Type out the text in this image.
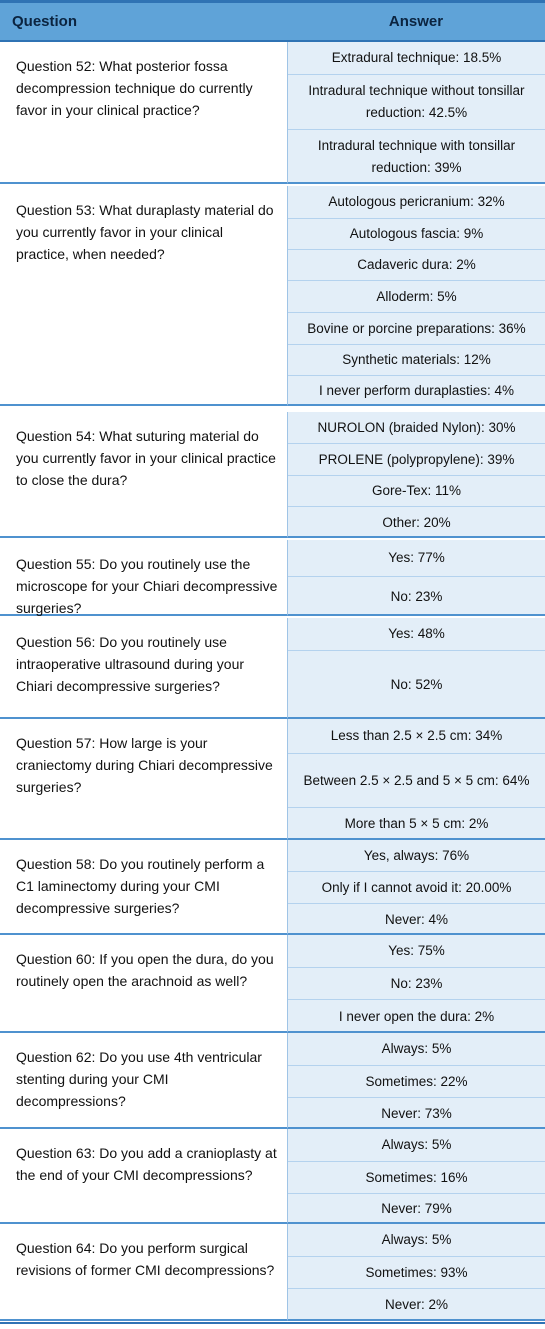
Question	Answer
Question 52: What posterior fossa decompression technique do currently favor in your clinical practice?
Extradural technique: 18.5%
Intradural technique without tonsillar reduction: 42.5%
Intradural technique with tonsillar reduction: 39%
Question 53: What duraplasty material do you currently favor in your clinical practice, when needed?
Autologous pericranium: 32%
Autologous fascia: 9%
Cadaveric dura: 2%
Alloderm: 5%
Bovine or porcine preparations: 36%
Synthetic materials: 12%
I never perform duraplasties: 4%
Question 54: What suturing material do you currently favor in your clinical practice to close the dura?
NUROLON (braided Nylon): 30%
PROLENE (polypropylene): 39%
Gore-Tex: 11%
Other: 20%
Question 55: Do you routinely use the microscope for your Chiari decompressive surgeries?
Yes: 77%
No: 23%
Question 56: Do you routinely use intraoperative ultrasound during your Chiari decompressive surgeries?
Yes: 48%
No: 52%
Question 57: How large is your craniectomy during Chiari decompressive surgeries?
Less than 2.5 × 2.5 cm: 34%
Between 2.5 × 2.5 and 5 × 5 cm: 64%
More than 5 × 5 cm: 2%
Question 58: Do you routinely perform a C1 laminectomy during your CMI decompressive surgeries?
Yes, always: 76%
Only if I cannot avoid it: 20.00%
Never: 4%
Question 60: If you open the dura, do you routinely open the arachnoid as well?
Yes: 75%
No: 23%
I never open the dura: 2%
Question 62: Do you use 4th ventricular stenting during your CMI decompressions?
Always: 5%
Sometimes: 22%
Never: 73%
Question 63: Do you add a cranioplasty at the end of your CMI decompressions?
Always: 5%
Sometimes: 16%
Never: 79%
Question 64: Do you perform surgical revisions of former CMI decompressions?
Always: 5%
Sometimes: 93%
Never: 2%
